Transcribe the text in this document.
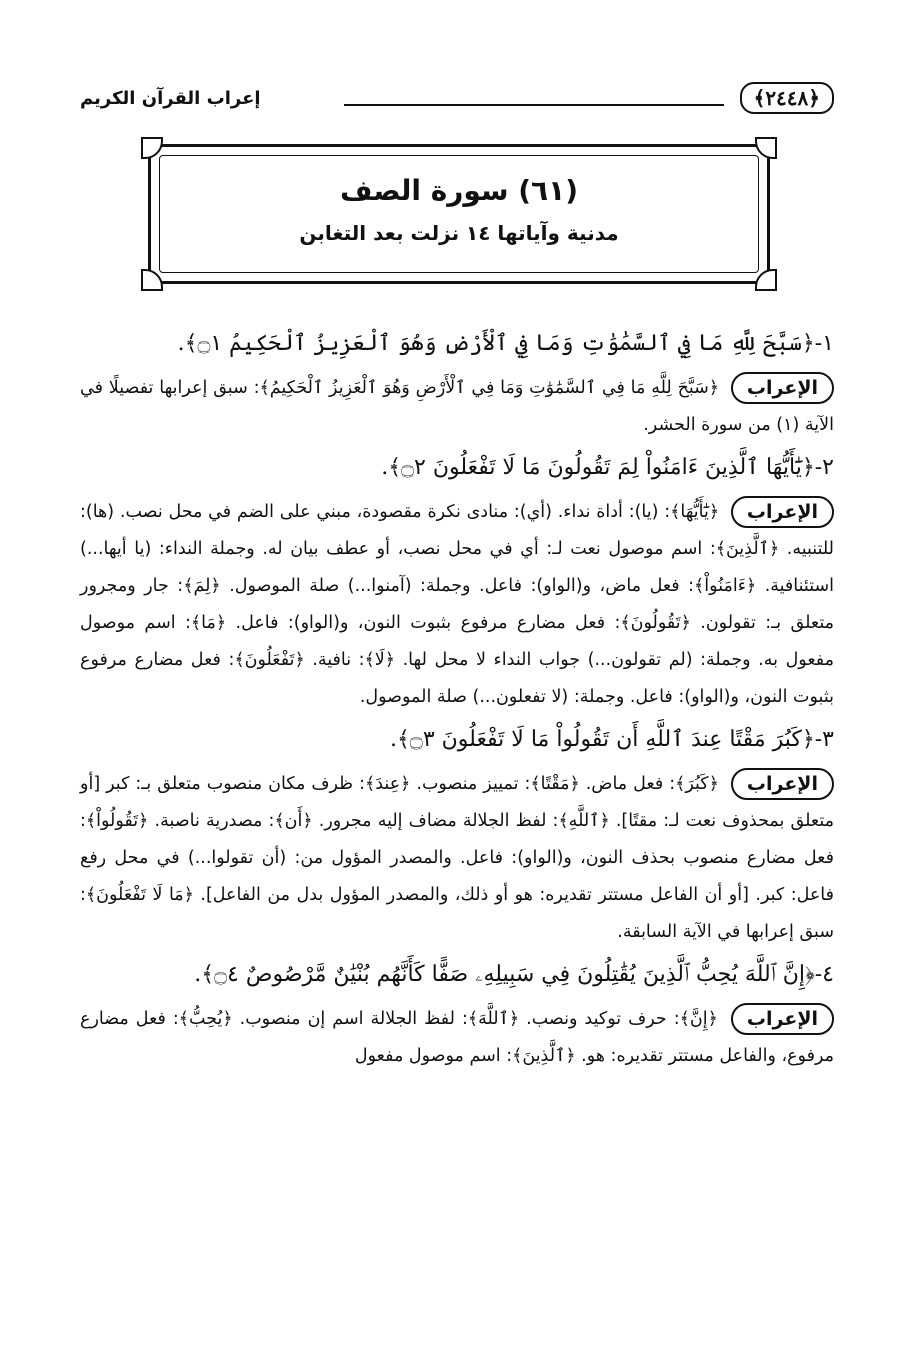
﴿٢٤٤٨﴾
إعراب القرآن الكريم
(٦١) سورة الصف
مدنية وآياتها ١٤ نزلت بعد التغابن

١-﴿سَبَّحَ لِلَّهِ مَا فِي ٱلسَّمَٰوَٰتِ وَمَا فِي ٱلْأَرْضِ وَهُوَ ٱلْعَزِيزُ ٱلْحَكِيمُ ۝١﴾.

الإعراب ﴿سَبَّحَ لِلَّهِ مَا فِي ٱلسَّمَٰوَٰتِ وَمَا فِي ٱلْأَرْضِ وَهُوَ ٱلْعَزِيزُ ٱلْحَكِيمُ﴾: سبق إعرابها تفصيلًا في الآية (١) من سورة الحشر.

٢-﴿يَٰٓأَيُّهَا ٱلَّذِينَ ءَامَنُواْ لِمَ تَقُولُونَ مَا لَا تَفْعَلُونَ ۝٢﴾.

الإعراب ﴿يَٰٓأَيُّهَا﴾: (يا): أداة نداء. (أي): منادى نكرة مقصودة، مبني على الضم في محل نصب. (ها): للتنبيه. ﴿ٱلَّذِينَ﴾: اسم موصول نعت لـ: أي في محل نصب، أو عطف بيان له. وجملة النداء: (يا أيها...) استئنافية. ﴿ءَامَنُواْ﴾: فعل ماض، و(الواو): فاعل. وجملة: (آمنوا...) صلة الموصول. ﴿لِمَ﴾: جار ومجرور متعلق بـ: تقولون. ﴿تَقُولُونَ﴾: فعل مضارع مرفوع بثبوت النون، و(الواو): فاعل. ﴿مَا﴾: اسم موصول مفعول به. وجملة: (لم تقولون...) جواب النداء لا محل لها. ﴿لَا﴾: نافية. ﴿تَفْعَلُونَ﴾: فعل مضارع مرفوع بثبوت النون، و(الواو): فاعل. وجملة: (لا تفعلون...) صلة الموصول.

٣-﴿كَبُرَ مَقْتًا عِندَ ٱللَّهِ أَن تَقُولُواْ مَا لَا تَفْعَلُونَ ۝٣﴾.

الإعراب ﴿كَبُرَ﴾: فعل ماض. ﴿مَقْتًا﴾: تمييز منصوب. ﴿عِندَ﴾: ظرف مكان منصوب متعلق بـ: كبر [أو متعلق بمحذوف نعت لـ: مقتًا]. ﴿ٱللَّهِ﴾: لفظ الجلالة مضاف إليه مجرور. ﴿أَن﴾: مصدرية ناصبة. ﴿تَقُولُواْ﴾: فعل مضارع منصوب بحذف النون، و(الواو): فاعل. والمصدر المؤول من: (أن تقولوا...) في محل رفع فاعل: كبر. [أو أن الفاعل مستتر تقديره: هو أو ذلك، والمصدر المؤول بدل من الفاعل]. ﴿مَا لَا تَفْعَلُونَ﴾: سبق إعرابها في الآية السابقة.

٤-﴿إِنَّ ٱللَّهَ يُحِبُّ ٱلَّذِينَ يُقَٰتِلُونَ فِي سَبِيلِهِۦ صَفًّا كَأَنَّهُم بُنْيَٰنٌ مَّرْصُوصٌ ۝٤﴾.

الإعراب ﴿إِنَّ﴾: حرف توكيد ونصب. ﴿ٱللَّهَ﴾: لفظ الجلالة اسم إن منصوب. ﴿يُحِبُّ﴾: فعل مضارع مرفوع، والفاعل مستتر تقديره: هو. ﴿ٱلَّذِينَ﴾: اسم موصول مفعول
